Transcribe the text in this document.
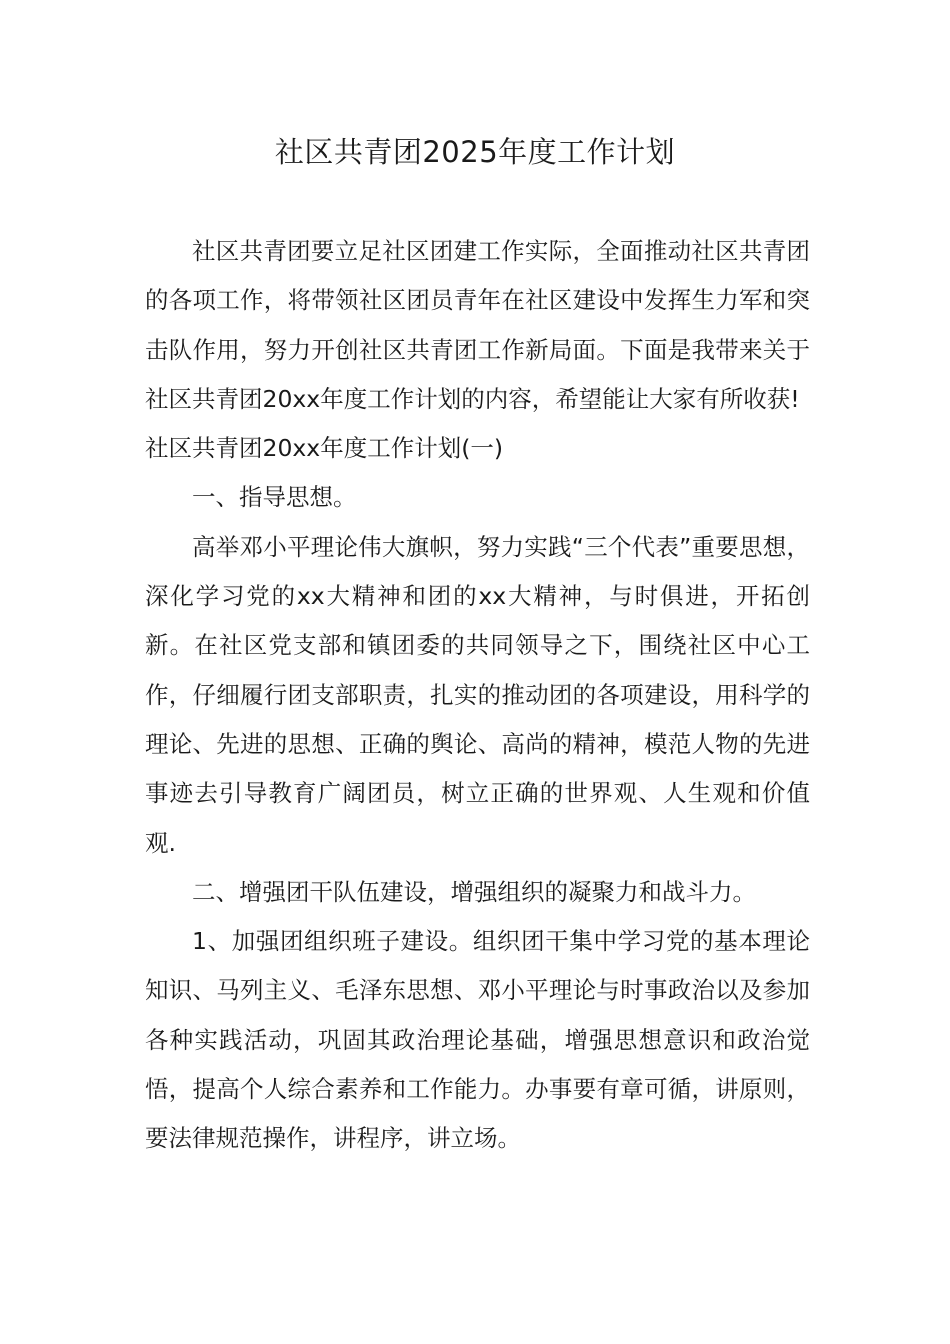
社区共青团2025年度工作计划

社区共青团要立足社区团建工作实际，全面推动社区共青团的各项工作，将带领社区团员青年在社区建设中发挥生力军和突击队作用，努力开创社区共青团工作新局面。下面是我带来关于社区共青团20xx年度工作计划的内容，希望能让大家有所收获!

社区共青团20xx年度工作计划(一)

一、指导思想。

高举邓小平理论伟大旗帜，努力实践“三个代表”重要思想，深化学习党的xx大精神和团的xx大精神，与时俱进，开拓创新。在社区党支部和镇团委的共同领导之下，围绕社区中心工作，仔细履行团支部职责，扎实的推动团的各项建设，用科学的理论、先进的思想、正确的舆论、高尚的精神，模范人物的先进事迹去引导教育广阔团员，树立正确的世界观、人生观和价值观.

二、增强团干队伍建设，增强组织的凝聚力和战斗力。

1、加强团组织班子建设。组织团干集中学习党的基本理论知识、马列主义、毛泽东思想、邓小平理论与时事政治以及参加各种实践活动，巩固其政治理论基础，增强思想意识和政治觉悟，提高个人综合素养和工作能力。办事要有章可循，讲原则，要法律规范操作，讲程序，讲立场。
